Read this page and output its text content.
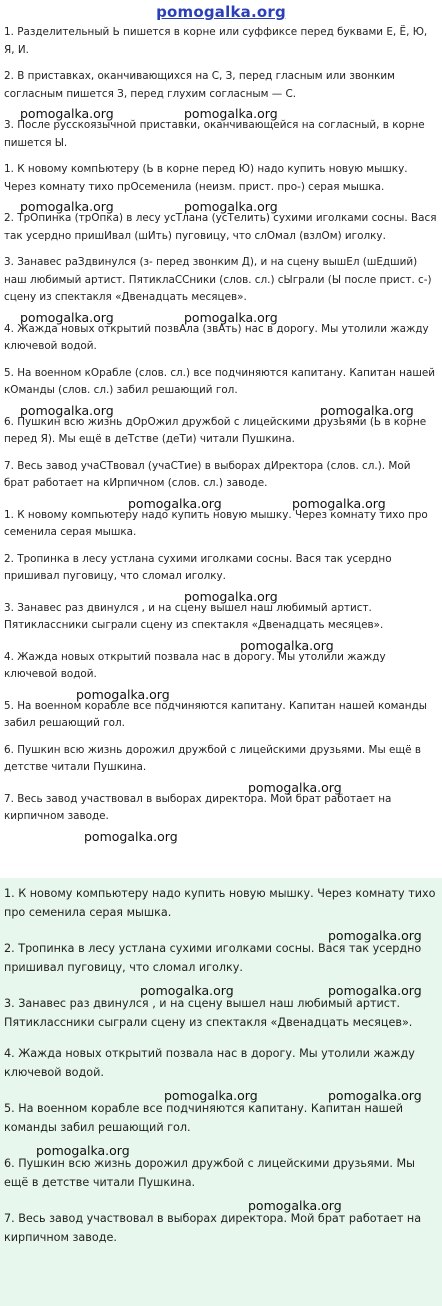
pomogalka.org

1. Разделительный Ь пишется в корне или суффиксе перед буквами Е, Ё, Ю, Я, И.

2. В приставках, оканчивающихся на С, З, перед гласным или звонким согласным пишется З, перед глухим согласным — С.

pomogalka.org	pomogalka.org

3. После русскоязычной приставки, оканчивающейся на согласный, в корне пишется Ы.

1. К новому компЬютеру (Ь в корне перед Ю) надо купить новую мышку. Через комнату тихо прОсеменила (неизм. прист. про-) серая мышка.

pomogalka.org	pomogalka.org

2. ТрОпинка (трОпка) в лесу усТлана (усТелить) сухими иголками сосны. Вася так усердно пришИвал (шИть) пуговицу, что слОмал (взлОм) иголку.

3. Занавес раЗдвинулся (з- перед звонким Д), и на сцену вышЕл (шЕдший) наш любимый артист. ПятиклаССники (слов. сл.) сЫграли (Ы после прист. с-) сцену из спектакля «Двенадцать месяцев».

pomogalka.org	pomogalka.org

4. Жажда новых открытий позвАла (звАть) нас в дорогу. Мы утолили жажду ключевой водой.

5. На военном кОрабле (слов. сл.) все подчиняются капитану. Капитан нашей кОманды (слов. сл.) забил решающий гол.

pomogalka.org	pomogalka.org

6. Пушкин всю жизнь дОрОжил дружбой с лицейскими друзЬями (Ь в корне перед Я). Мы ещё в деТстве (деТи) читали Пушкина.

7. Весь завод учаСТвовал (учаСТие) в выборах дИректора (слов. сл.). Мой брат работает на кИрпичном (слов. сл.) заводе.

pomogalka.org	pomogalka.org

1. К новому компьютеру надо купить новую мышку. Через комнату тихо про семенила серая мышка.

2. Тропинка в лесу устлана сухими иголками сосны. Вася так усердно пришивал пуговицу, что сломал иголку.

pomogalka.org

3. Занавес раз двинулся , и на сцену вышел наш любимый артист. Пятиклассники сыграли сцену из спектакля «Двенадцать месяцев».

pomogalka.org

4. Жажда новых открытий позвала нас в дорогу. Мы утолили жажду ключевой водой.

pomogalka.org

5. На военном корабле все подчиняются капитану. Капитан нашей команды забил решающий гол.

6. Пушкин всю жизнь дорожил дружбой с лицейскими друзьями. Мы ещё в детстве читали Пушкина.

pomogalka.org

7. Весь завод участвовал в выборах директора. Мой брат работает на кирпичном заводе.

pomogalka.org

1. К новому компьютеру надо купить новую мышку. Через комнату тихо про семенила серая мышка.

pomogalka.org

2. Тропинка в лесу устлана сухими иголками сосны. Вася так усердно пришивал пуговицу, что сломал иголку.

pomogalka.org	pomogalka.org

3. Занавес раз двинулся , и на сцену вышел наш любимый артист. Пятиклассники сыграли сцену из спектакля «Двенадцать месяцев».

4. Жажда новых открытий позвала нас в дорогу. Мы утолили жажду ключевой водой.

pomogalka.org	pomogalka.org

5. На военном корабле все подчиняются капитану. Капитан нашей команды забил решающий гол.

pomogalka.org

6. Пушкин всю жизнь дорожил дружбой с лицейскими друзьями. Мы ещё в детстве читали Пушкина.

pomogalka.org

7. Весь завод участвовал в выборах директора. Мой брат работает на кирпичном заводе.
